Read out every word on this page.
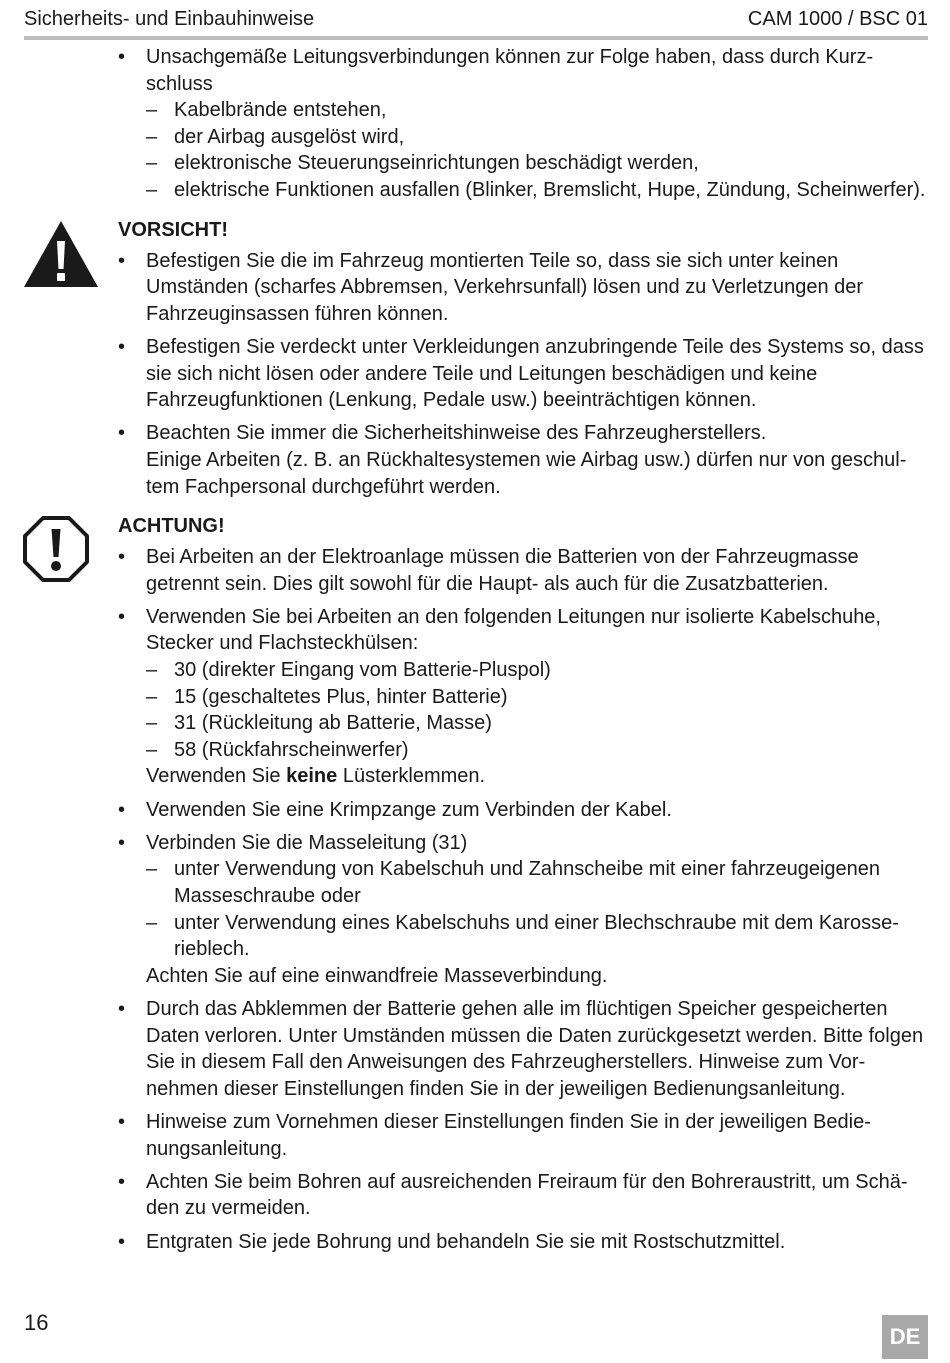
Sicherheits- und Einbauhinweise	CAM 1000 / BSC 01
• Unsachgemäße Leitungsverbindungen können zur Folge haben, dass durch Kurzschluss
– Kabelbrände entstehen,
– der Airbag ausgelöst wird,
– elektronische Steuerungseinrichtungen beschädigt werden,
– elektrische Funktionen ausfallen (Blinker, Bremslicht, Hupe, Zündung, Scheinwerfer).
VORSICHT!
• Befestigen Sie die im Fahrzeug montierten Teile so, dass sie sich unter keinen Umständen (scharfes Abbremsen, Verkehrsunfall) lösen und zu Verletzungen der Fahrzeuginsassen führen können.
• Befestigen Sie verdeckt unter Verkleidungen anzubringende Teile des Systems so, dass sie sich nicht lösen oder andere Teile und Leitungen beschädigen und keine Fahrzeugfunktionen (Lenkung, Pedale usw.) beeinträchtigen können.
• Beachten Sie immer die Sicherheitshinweise des Fahrzeugherstellers.
Einige Arbeiten (z. B. an Rückhaltesystemen wie Airbag usw.) dürfen nur von geschultem Fachpersonal durchgeführt werden.
ACHTUNG!
• Bei Arbeiten an der Elektroanlage müssen die Batterien von der Fahrzeugmasse getrennt sein. Dies gilt sowohl für die Haupt- als auch für die Zusatzbatterien.
• Verwenden Sie bei Arbeiten an den folgenden Leitungen nur isolierte Kabelschuhe, Stecker und Flachsteckhülsen:
– 30 (direkter Eingang vom Batterie-Pluspol)
– 15 (geschaltetes Plus, hinter Batterie)
– 31 (Rückleitung ab Batterie, Masse)
– 58 (Rückfahrscheinwerfer)
Verwenden Sie keine Lüsterklemmen.
• Verwenden Sie eine Krimpzange zum Verbinden der Kabel.
• Verbinden Sie die Masseleitung (31)
– unter Verwendung von Kabelschuh und Zahnscheibe mit einer fahrzeugeigenen Masseschraube oder
– unter Verwendung eines Kabelschuhs und einer Blechschraube mit dem Karosserieblech.
Achten Sie auf eine einwandfreie Masseverbindung.
• Durch das Abklemmen der Batterie gehen alle im flüchtigen Speicher gespeicherten Daten verloren. Unter Umständen müssen die Daten zurückgesetzt werden. Bitte folgen Sie in diesem Fall den Anweisungen des Fahrzeugherstellers. Hinweise zum Vornehmen dieser Einstellungen finden Sie in der jeweiligen Bedienungsanleitung.
• Hinweise zum Vornehmen dieser Einstellungen finden Sie in der jeweiligen Bedienungsanleitung.
• Achten Sie beim Bohren auf ausreichenden Freiraum für den Bohreraustritt, um Schäden zu vermeiden.
• Entgraten Sie jede Bohrung und behandeln Sie sie mit Rostschutzmittel.
16
DE
